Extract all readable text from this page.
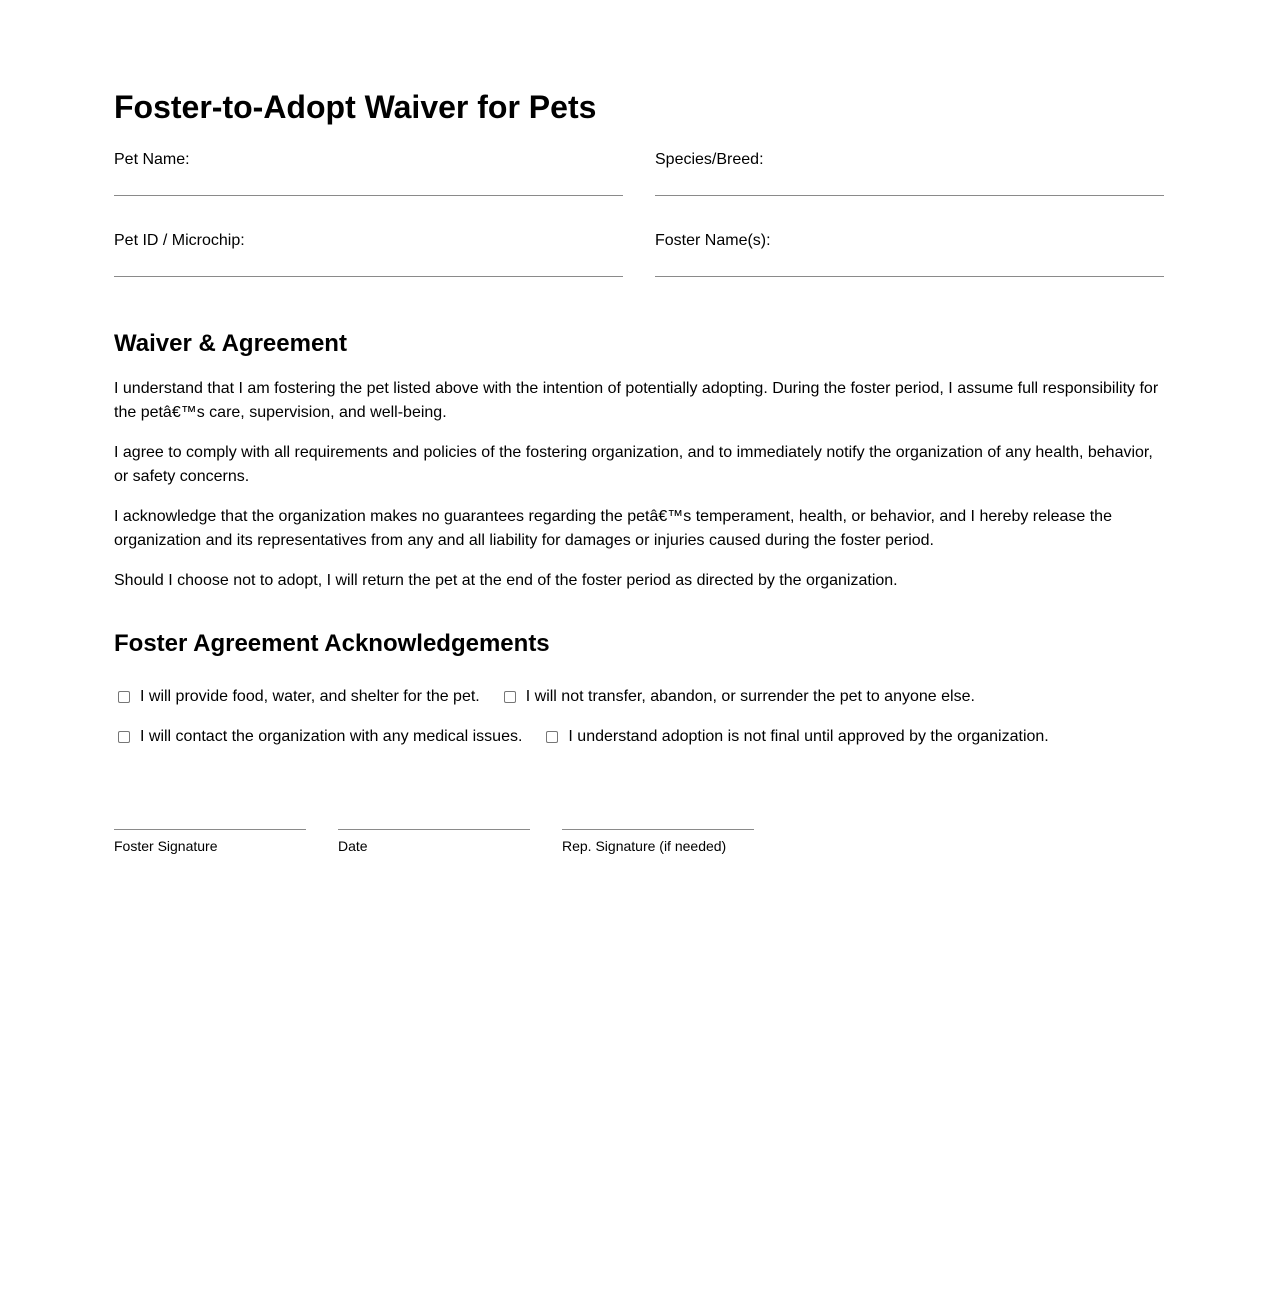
Foster-to-Adopt Waiver for Pets
Pet Name:	Species/Breed:
Pet ID / Microchip:	Foster Name(s):
Waiver & Agreement

I understand that I am fostering the pet listed above with the intention of potentially adopting. During the foster period, I assume full responsibility for the petâ€™s care, supervision, and well-being.

I agree to comply with all requirements and policies of the fostering organization, and to immediately notify the organization of any health, behavior, or safety concerns.

I acknowledge that the organization makes no guarantees regarding the petâ€™s temperament, health, or behavior, and I hereby release the organization and its representatives from any and all liability for damages or injuries caused during the foster period.

Should I choose not to adopt, I will return the pet at the end of the foster period as directed by the organization.

Foster Agreement Acknowledgements
I will provide food, water, and shelter for the pet.	I will not transfer, abandon, or surrender the pet to anyone else.
I will contact the organization with any medical issues.	I understand adoption is not final until approved by the organization.
Foster Signature	Date	Rep. Signature (if needed)
